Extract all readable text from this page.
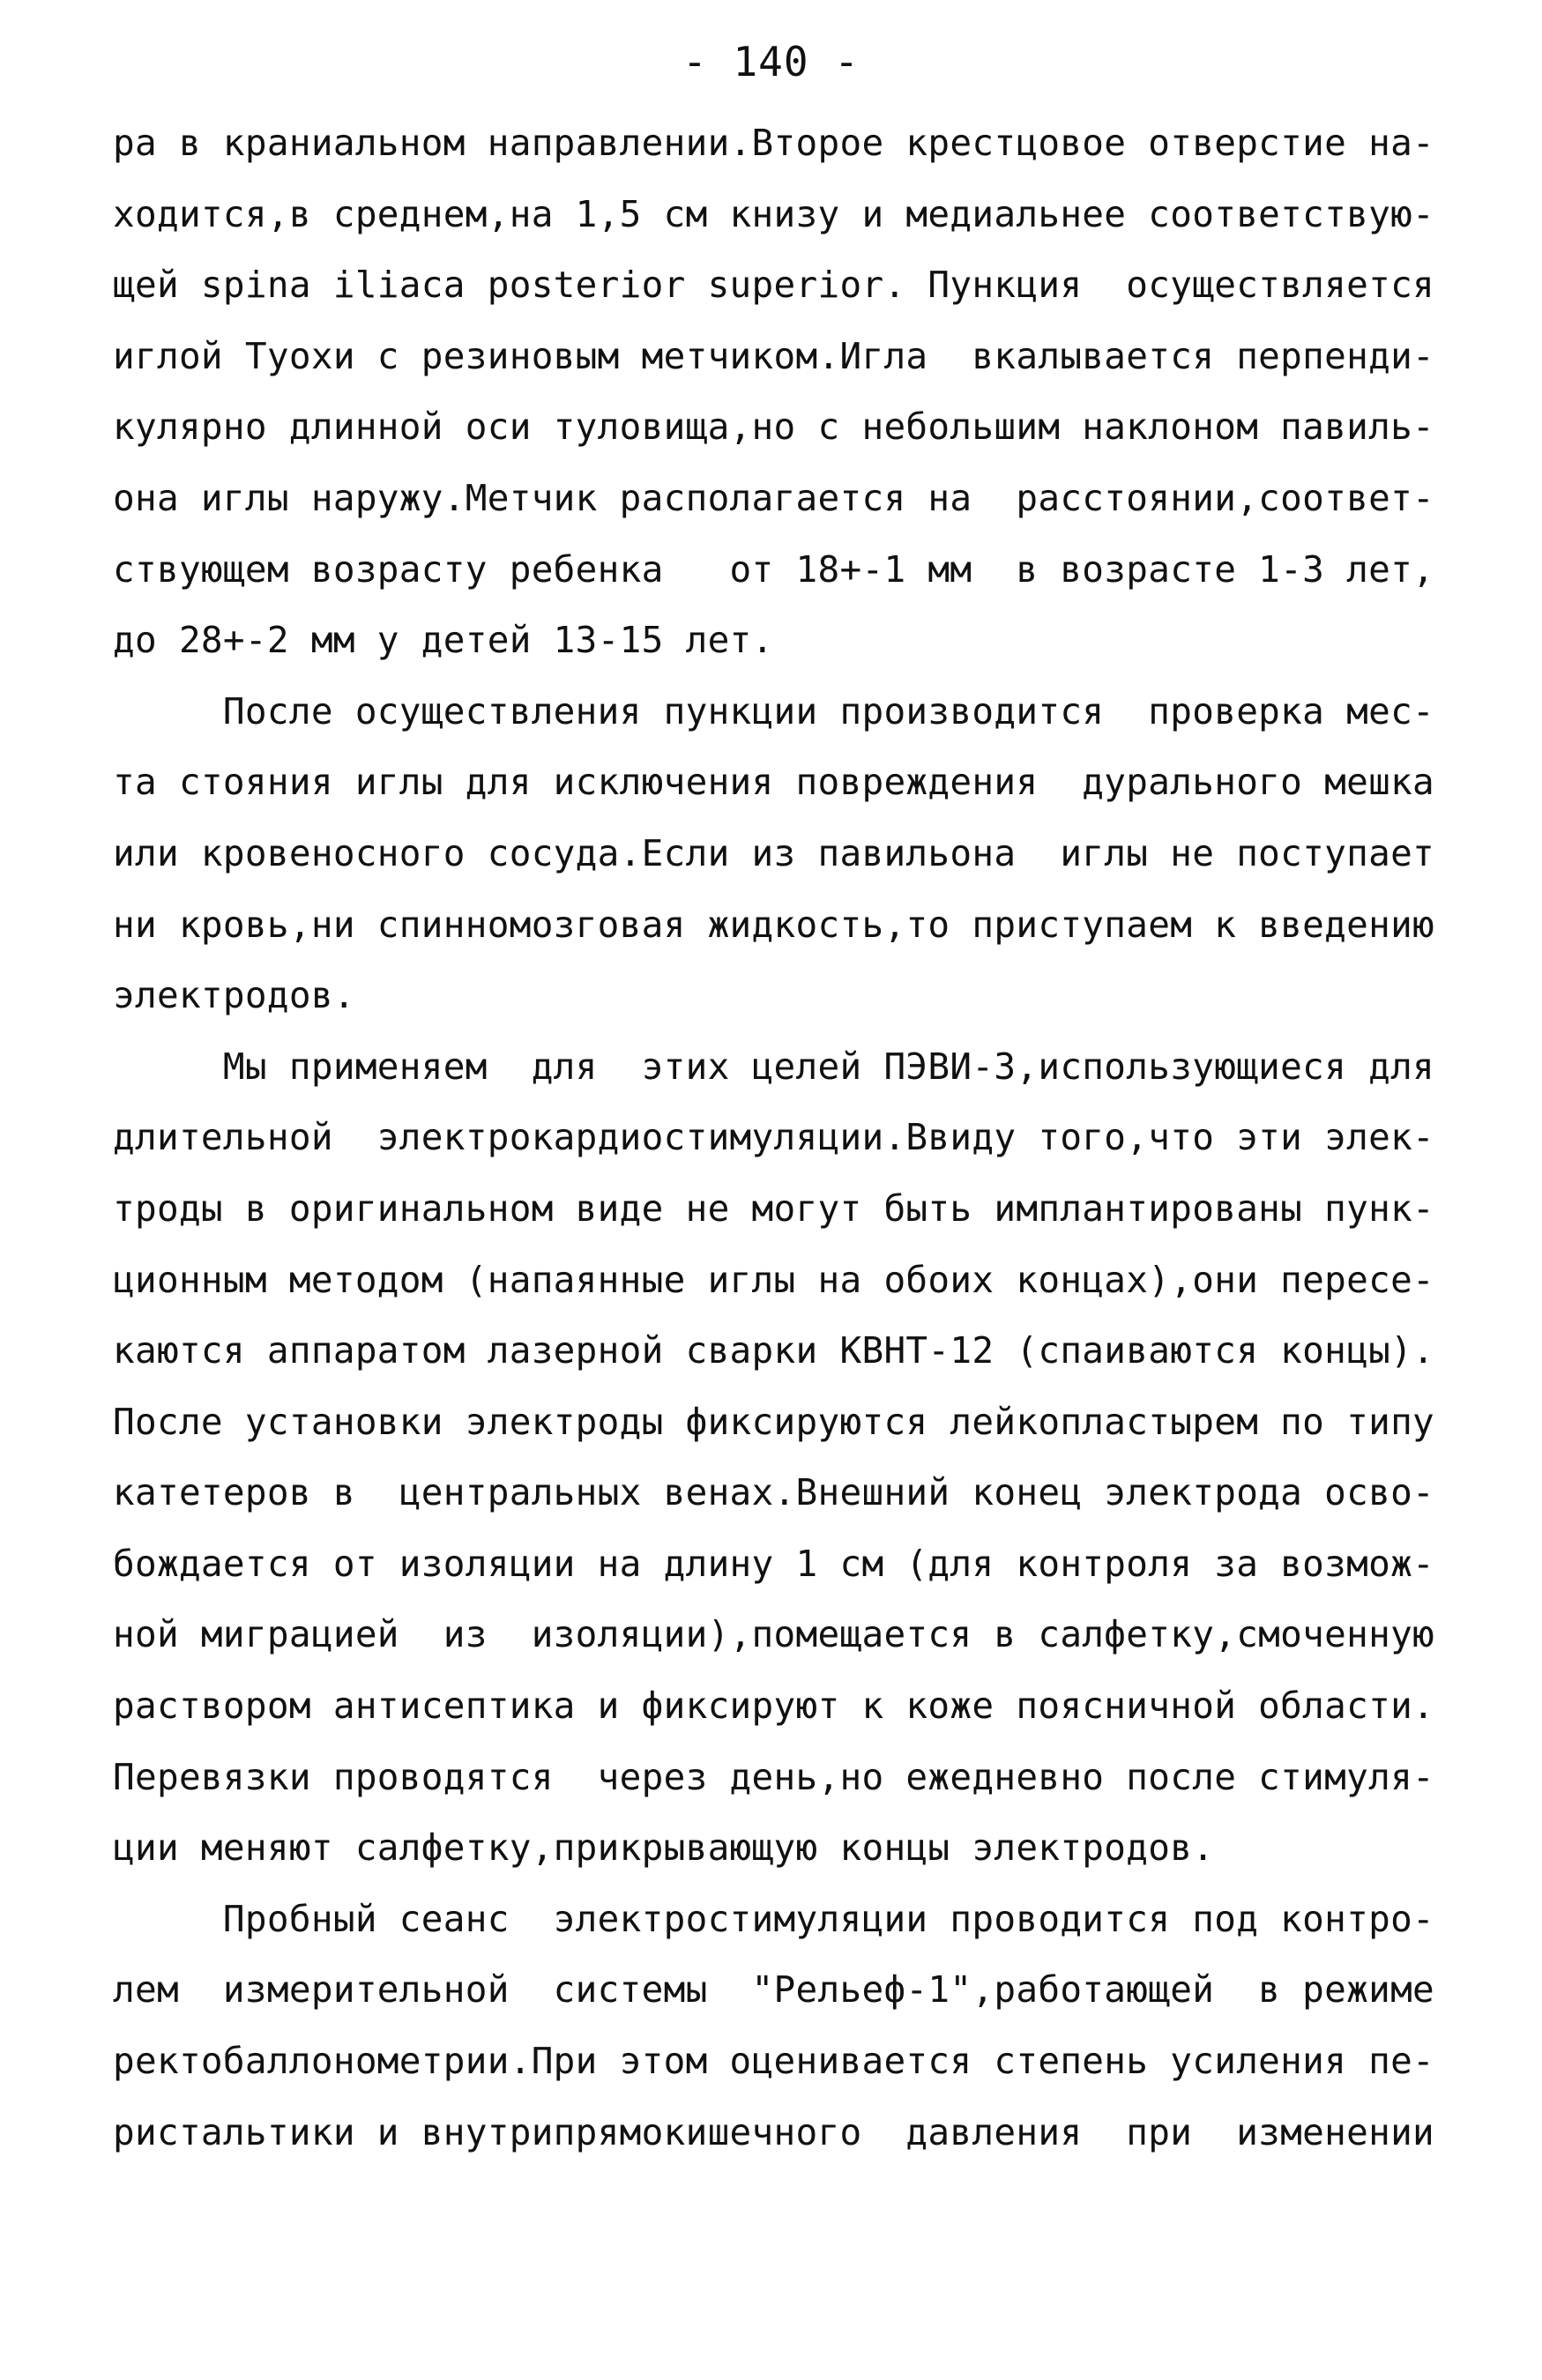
- 140 -
ра в краниальном направлении.Второе крестцовое отверстие на-
ходится,в среднем,на 1,5 см книзу и медиальнее соответствую-
щей spina iliaca posterior superior. Пункция  осуществляется
иглой Туохи с резиновым метчиком.Игла  вкалывается перпенди-
кулярно длинной оси туловища,но с небольшим наклоном павиль-
она иглы наружу.Метчик располагается на  расстоянии,соответ-
ствующем возрасту ребенка   от 18+-1 мм  в возрасте 1-3 лет,
до 28+-2 мм у детей 13-15 лет.
После осуществления пункции производится  проверка мес-
та стояния иглы для исключения повреждения  дурального мешка
или кровеносного сосуда.Если из павильона  иглы не поступает
ни кровь,ни спинномозговая жидкость,то приступаем к введению
электродов.
Мы применяем  для  этих целей ПЭВИ-3,использующиеся для
длительной  электрокардиостимуляции.Ввиду того,что эти элек-
троды в оригинальном виде не могут быть имплантированы пунк-
ционным методом (напаянные иглы на обоих концах),они пересе-
каются аппаратом лазерной сварки КВНТ-12 (спаиваются концы).
После установки электроды фиксируются лейкопластырем по типу
катетеров в  центральных венах.Внешний конец электрода осво-
бождается от изоляции на длину 1 см (для контроля за возмож-
ной миграцией  из  изоляции),помещается в салфетку,смоченную
раствором антисептика и фиксируют к коже поясничной области.
Перевязки проводятся  через день,но ежедневно после стимуля-
ции меняют салфетку,прикрывающую концы электродов.
Пробный сеанс  электростимуляции проводится под контро-
лем  измерительной  системы  "Рельеф-1",работающей  в режиме
ректобаллонометрии.При этом оценивается степень усиления пе-
ристальтики и внутрипрямокишечного  давления  при  изменении
